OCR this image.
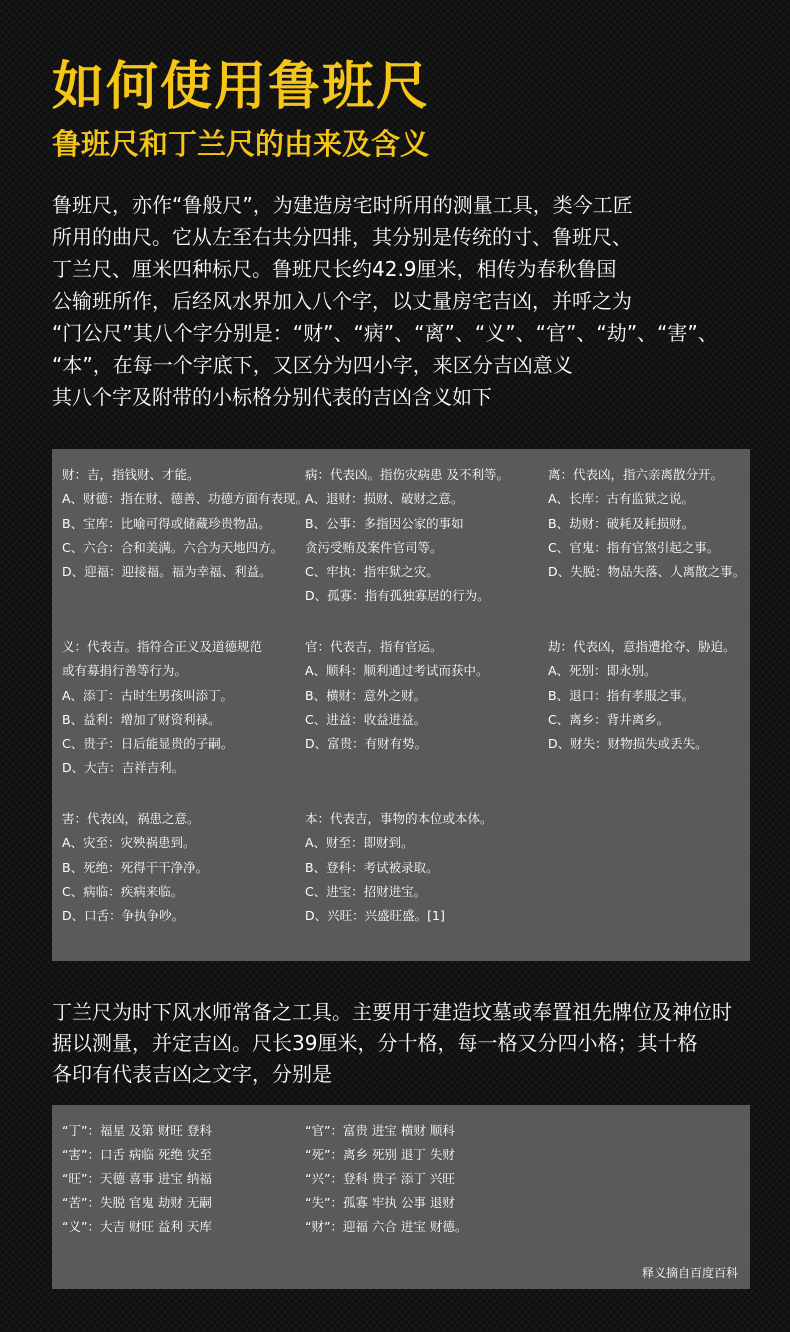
如何使用鲁班尺
鲁班尺和丁兰尺的由来及含义
鲁班尺，亦作“鲁般尺”，为建造房宅时所用的测量工具，类今工匠
所用的曲尺。它从左至右共分四排，其分别是传统的寸、鲁班尺、
丁兰尺、厘米四种标尺。鲁班尺长约42.9厘米，相传为春秋鲁国
公输班所作，后经风水界加入八个字，以丈量房宅吉凶，并呼之为
“门公尺”其八个字分别是：“财”、“病”、“离”、“义”、“官”、“劫”、“害”、
“本”，在每一个字底下，又区分为四小字，来区分吉凶意义
其八个字及附带的小标格分别代表的吉凶含义如下
财：吉，指钱财、才能。
A、财德：指在财、德善、功德方面有表现。
B、宝库：比喻可得或储藏珍贵物品。
C、六合：合和美满。六合为天地四方。
D、迎福：迎接福。福为幸福、利益。
病：代表凶。指伤灾病患 及不利等。
A、退财：损财、破财之意。
B、公事：多指因公家的事如
贪污受贿及案件官司等。
C、牢执：指牢狱之灾。
D、孤寡：指有孤独寡居的行为。
离：代表凶，指六亲离散分开。
A、长库：古有监狱之说。
B、劫财：破耗及耗损财。
C、官鬼：指有官煞引起之事。
D、失脱：物品失落、人离散之事。
义：代表吉。指符合正义及道德规范
或有募捐行善等行为。
A、添丁：古时生男孩叫添丁。
B、益利：增加了财资利禄。
C、贵子：日后能显贵的子嗣。
D、大吉：吉祥吉利。
官：代表吉，指有官运。
A、顺科：顺利通过考试而获中。
B、横财：意外之财。
C、进益：收益进益。
D、富贵：有财有势。
劫：代表凶，意指遭抢夺、胁迫。
A、死别：即永别。
B、退口：指有孝服之事。
C、离乡：背井离乡。
D、财失：财物损失或丢失。
害：代表凶，祸患之意。
A、灾至：灾殃祸患到。
B、死绝：死得干干净净。
C、病临：疾病来临。
D、口舌：争执争吵。
本：代表吉，事物的本位或本体。
A、财至：即财到。
B、登科：考试被录取。
C、进宝：招财进宝。
D、兴旺：兴盛旺盛。[1]
丁兰尺为时下风水师常备之工具。主要用于建造坟墓或奉置祖先牌位及神位时
据以测量，并定吉凶。尺长39厘米，分十格，每一格又分四小格；其十格
各印有代表吉凶之文字，分别是
“丁”：福星 及第 财旺 登科
“害”：口舌 病临 死绝 灾至
“旺”：天德 喜事 进宝 纳福
“苦”：失脱 官鬼 劫财 无嗣
“义”：大吉 财旺 益利 天库
“官”：富贵 进宝 横财 顺科
“死”：离乡 死别 退丁 失财
“兴”：登科 贵子 添丁 兴旺
“失”：孤寡 牢执 公事 退财
“财”：迎福 六合 进宝 财德。
释义摘自百度百科
